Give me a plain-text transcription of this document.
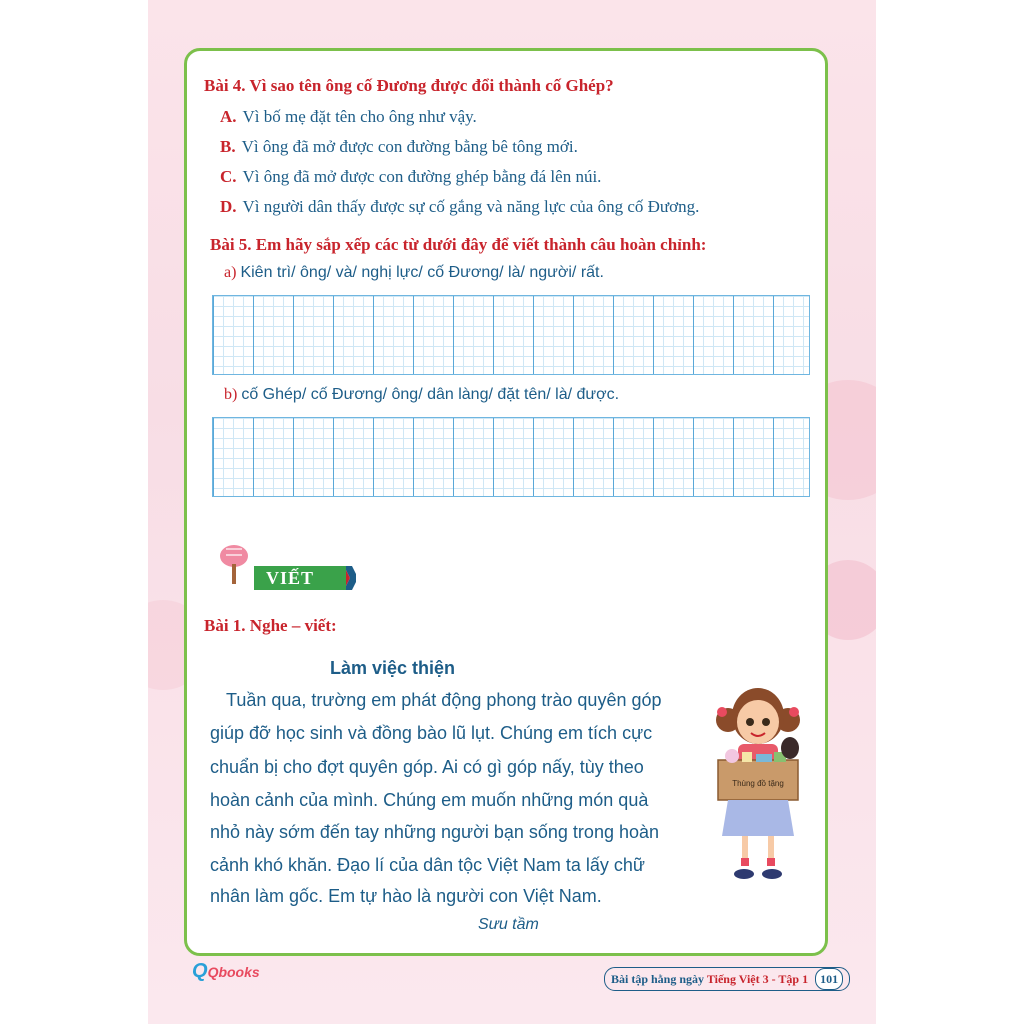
Bài 4. Vì sao tên ông cố Đương được đổi thành cố Ghép?
A. Vì bố mẹ đặt tên cho ông như vậy.
B. Vì ông đã mở được con đường bằng bê tông mới.
C. Vì ông đã mở được con đường ghép bằng đá lên núi.
D. Vì người dân thấy được sự cố gắng và năng lực của ông cố Đương.
Bài 5. Em hãy sắp xếp các từ dưới đây để viết thành câu hoàn chỉnh:
a) Kiên trì/ ông/ và/ nghị lực/ cố Đương/ là/ người/ rất.
b) cố Ghép/ cố Đương/ ông/ dân làng/ đặt tên/ là/ được.
VIẾT
Bài 1. Nghe – viết:
Làm việc thiện
Tuần qua, trường em phát động phong trào quyên góp
giúp đỡ học sinh và đồng bào lũ lụt. Chúng em tích cực
chuẩn bị cho đợt quyên góp. Ai có gì góp nấy, tùy theo
hoàn cảnh của mình. Chúng em muốn những món quà
nhỏ này sớm đến tay những người bạn sống trong hoàn
cảnh khó khăn. Đạo lí của dân tộc Việt Nam ta lấy chữ
nhân làm gốc. Em tự hào là người con Việt Nam.
Sưu tầm
Thùng đồ tặng
QQbooks	Bài tập hằng ngày Tiếng Việt 3 - Tập 1 101
